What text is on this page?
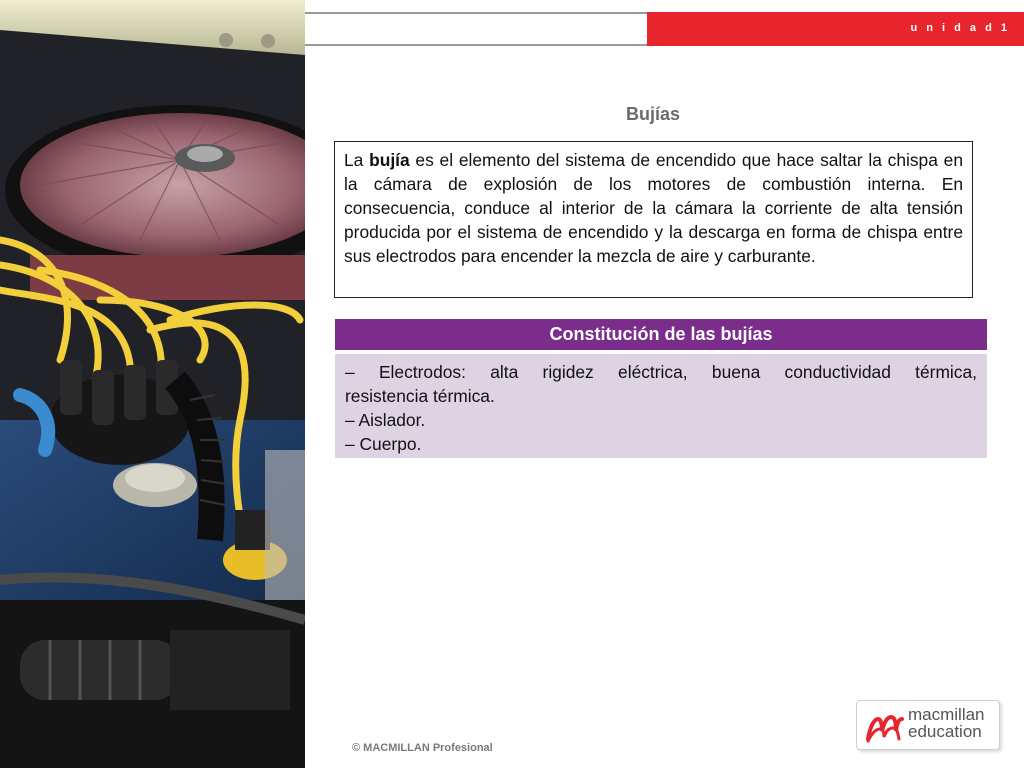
u n i d a d 1
Bujías
La bujía es el elemento del sistema de encendido que hace saltar la chispa en la cámara de explosión de los motores de combustión interna. En consecuencia, conduce al interior de la cámara la corriente de alta tensión producida por el sistema de encendido y la descarga en forma de chispa entre sus electrodos para encender la mezcla de aire y carburante.
Constitución de las bujías
– Electrodos: alta rigidez eléctrica, buena conductividad térmica,
resistencia térmica.
– Aislador.
– Cuerpo.
© MACMILLAN Profesional
macmillan
education
